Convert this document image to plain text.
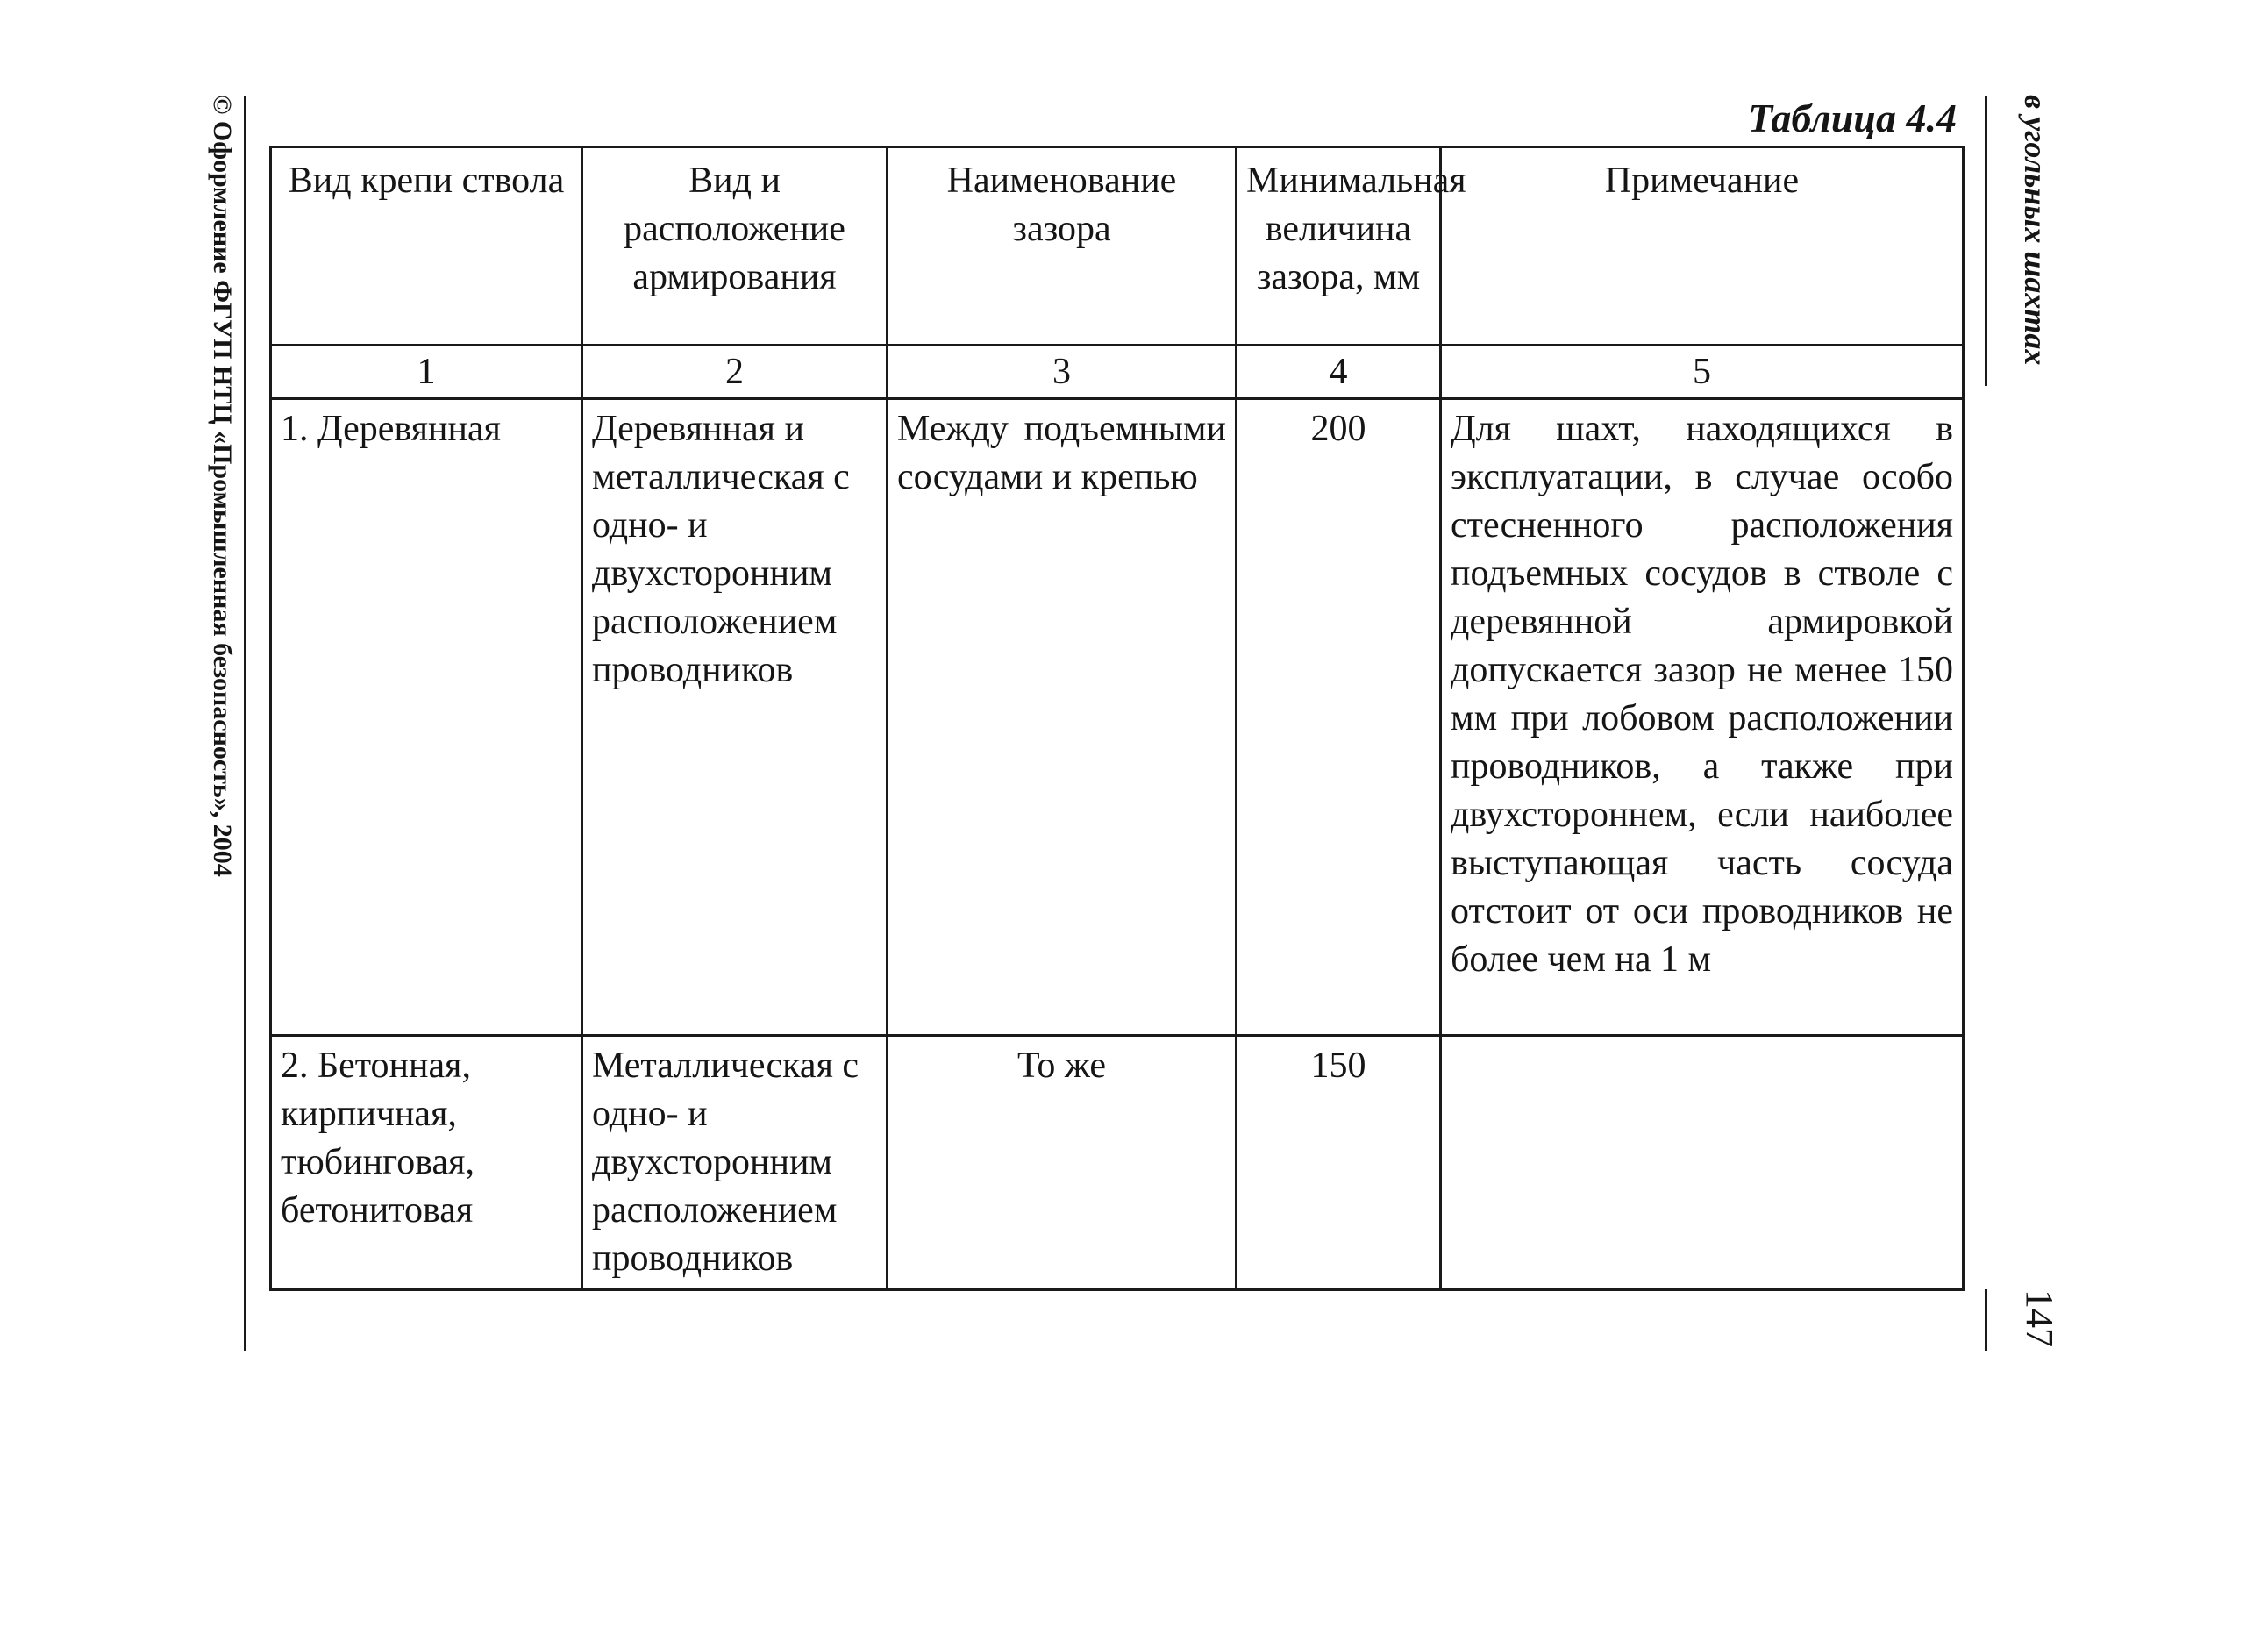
© Оформление ФГУП НТЦ «Промышленная безопасность», 2004	в угольных шахтах
147
Таблица 4.4
Вид крепи ствола	Вид и расположение армирования	Наименование зазора	Минимальная величина зазора, мм	Примечание
1	2	3	4	5
1. Деревянная	Деревянная и металлическая с одно- и двухсторонним расположением проводников	Между подъемными сосудами и крепью	200	Для шахт, находящихся в эксплуатации, в случае особо стесненного расположения подъемных сосудов в стволе с деревянной армировкой допускается зазор не менее 150 мм при лобовом расположении проводников, а также при двухстороннем, если наиболее выступающая часть сосуда отстоит от оси проводников не более чем на 1 м
2. Бетонная, кирпичная, тюбинговая, бетонитовая	Металлическая с одно- и двухсторонним расположением проводников	То же	150	
